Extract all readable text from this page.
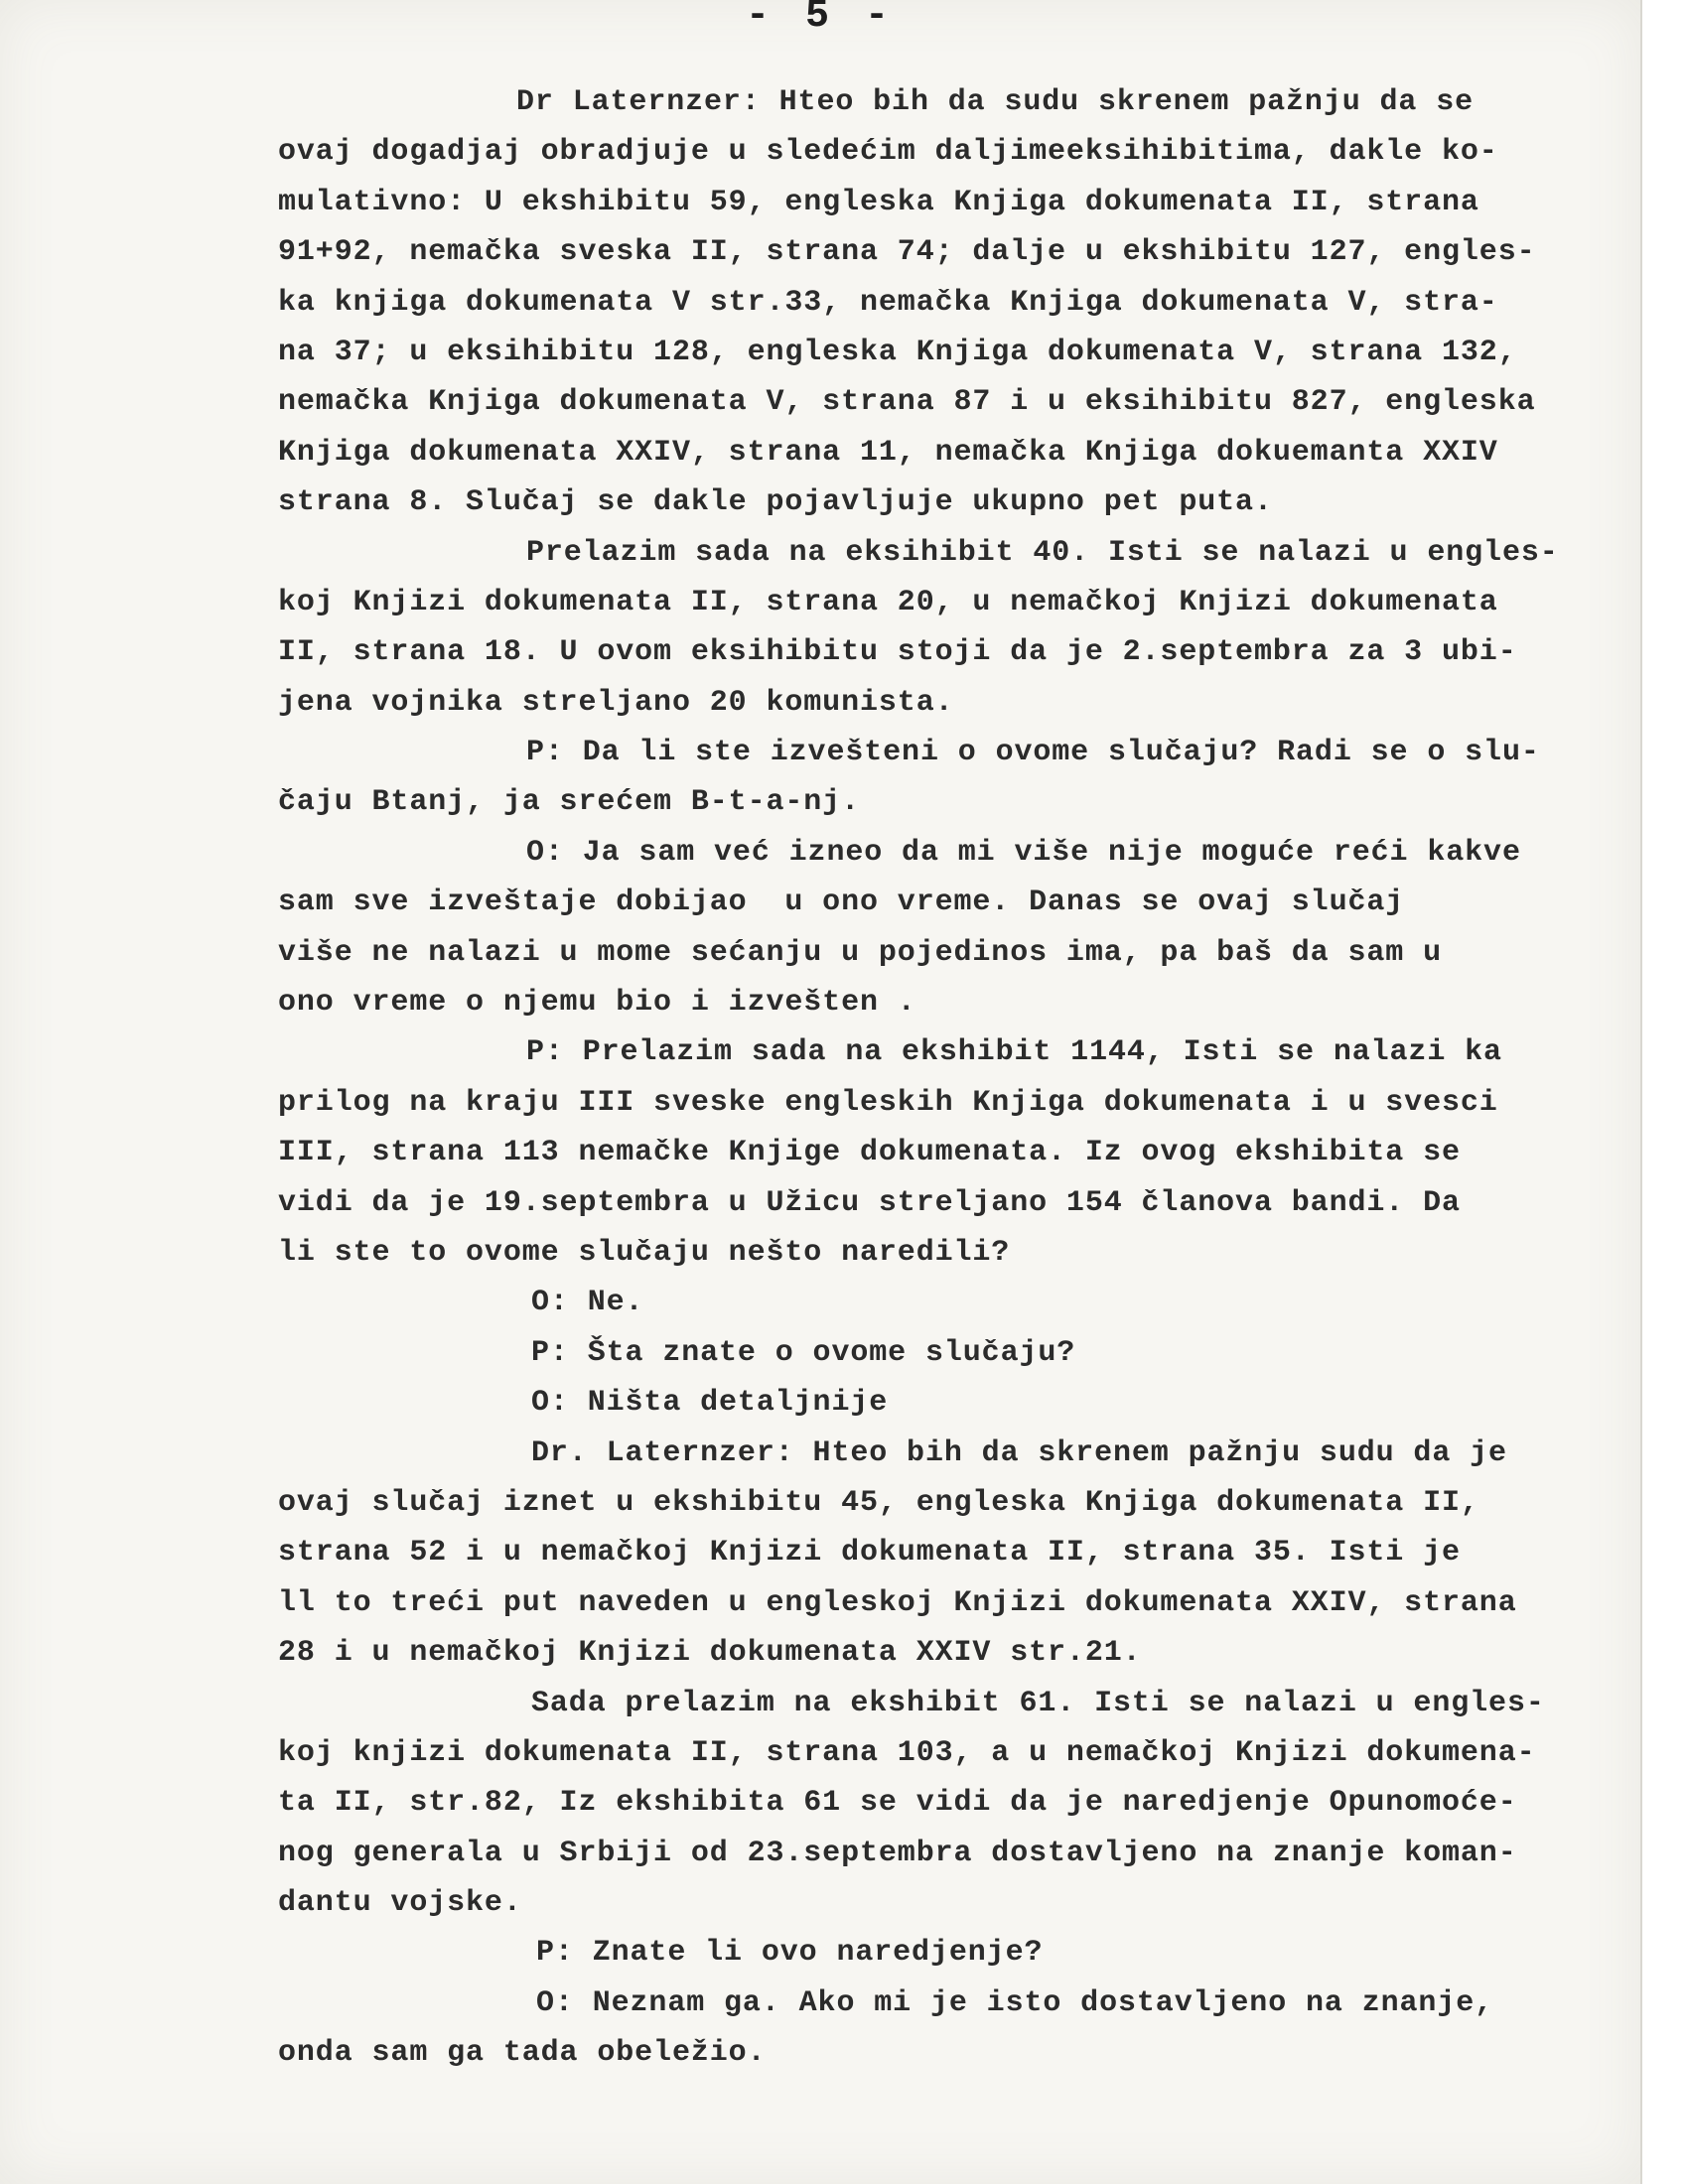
- 5 -
Dr Laternzer: Hteo bih da sudu skrenem pažnju da se
ovaj dogadjaj obradjuje u sledećim daljimeeksihibitima, dakle ko-
mulativno: U ekshibitu 59, engleska Knjiga dokumenata II, strana
91+92, nemačka sveska II, strana 74; dalje u ekshibitu 127, engles-
ka knjiga dokumenata V str.33, nemačka Knjiga dokumenata V, stra-
na 37; u eksihibitu 128, engleska Knjiga dokumenata V, strana 132,
nemačka Knjiga dokumenata V, strana 87 i u eksihibitu 827, engleska
Knjiga dokumenata XXIV, strana 11, nemačka Knjiga dokuemanta XXIV
strana 8. Slučaj se dakle pojavljuje ukupno pet puta.
Prelazim sada na eksihibit 40. Isti se nalazi u engles-
koj Knjizi dokumenata II, strana 20, u nemačkoj Knjizi dokumenata
II, strana 18. U ovom eksihibitu stoji da je 2.septembra za 3 ubi-
jena vojnika streljano 20 komunista.
P: Da li ste izvešteni o ovome slučaju? Radi se o slu-
čaju Btanj, ja srećem B-t-a-nj.
O: Ja sam već izneo da mi više nije moguće reći kakve
sam sve izveštaje dobijao  u ono vreme. Danas se ovaj slučaj
više ne nalazi u mome sećanju u pojedinos ima, pa baš da sam u
ono vreme o njemu bio i izvešten .
P: Prelazim sada na ekshibit 1144, Isti se nalazi ka
prilog na kraju III sveske engleskih Knjiga dokumenata i u svesci
III, strana 113 nemačke Knjige dokumenata. Iz ovog ekshibita se
vidi da je 19.septembra u Užicu streljano 154 članova bandi. Da
li ste to ovome slučaju nešto naredili?
O: Ne.
P: Šta znate o ovome slučaju?
O: Ništa detaljnije
Dr. Laternzer: Hteo bih da skrenem pažnju sudu da je
ovaj slučaj iznet u ekshibitu 45, engleska Knjiga dokumenata II,
strana 52 i u nemačkoj Knjizi dokumenata II, strana 35. Isti je
ll to treći put naveden u engleskoj Knjizi dokumenata XXIV, strana
28 i u nemačkoj Knjizi dokumenata XXIV str.21.
Sada prelazim na ekshibit 61. Isti se nalazi u engles-
koj knjizi dokumenata II, strana 103, a u nemačkoj Knjizi dokumena-
ta II, str.82, Iz ekshibita 61 se vidi da je naredjenje Opunomoće-
nog generala u Srbiji od 23.septembra dostavljeno na znanje koman-
dantu vojske.
P: Znate li ovo naredjenje?
O: Neznam ga. Ako mi je isto dostavljeno na znanje,
onda sam ga tada obeležio.
